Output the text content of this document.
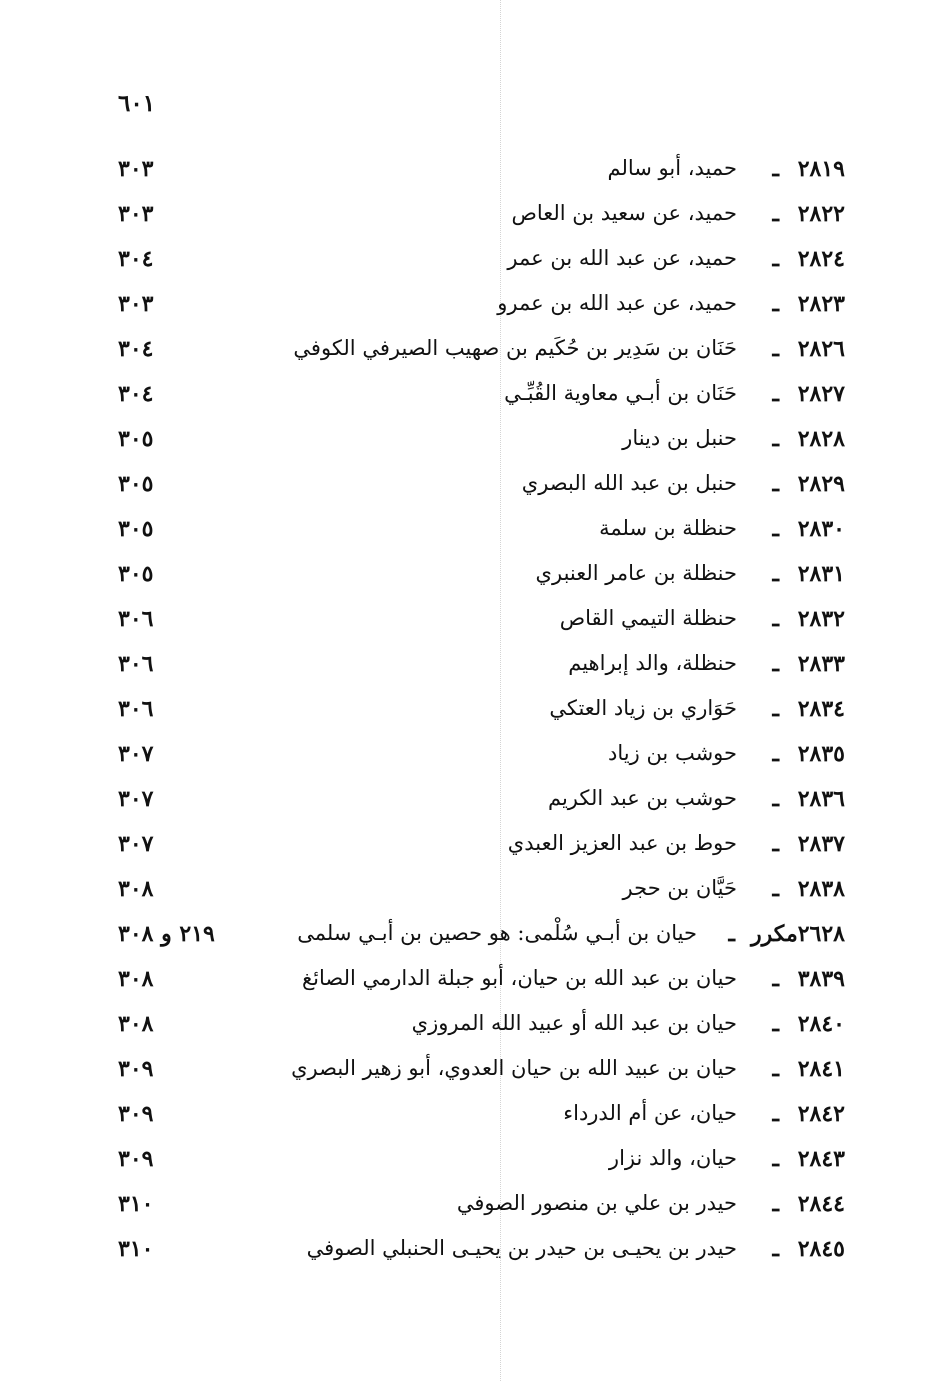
٦٠١
٢٨١٩
ـ
حميد، أبو سالم
٣٠٣
٢٨٢٢
ـ
حميد، عن سعيد بن العاص
٣٠٣
٢٨٢٤
ـ
حميد، عن عبد الله بن عمر
٣٠٤
٢٨٢٣
ـ
حميد، عن عبد الله بن عمرو
٣٠٣
٢٨٢٦
ـ
حَنَان بن سَدِير بن حُكَيم بن صهيب الصيرفي الكوفي
٣٠٤
٢٨٢٧
ـ
حَنَان بن أبـي معاوية القُبِّـي
٣٠٤
٢٨٢٨
ـ
حنبل بن دينار
٣٠٥
٢٨٢٩
ـ
حنبل بن عبد الله البصري
٣٠٥
٢٨٣٠
ـ
حنظلة بن سلمة
٣٠٥
٢٨٣١
ـ
حنظلة بن عامر العنبري
٣٠٥
٢٨٣٢
ـ
حنظلة التيمي القاص
٣٠٦
٢٨٣٣
ـ
حنظلة، والد إبراهيم
٣٠٦
٢٨٣٤
ـ
حَوَاري بن زياد العتكي
٣٠٦
٢٨٣٥
ـ
حوشب بن زياد
٣٠٧
٢٨٣٦
ـ
حوشب بن عبد الكريم
٣٠٧
٢٨٣٧
ـ
حوط بن عبد العزيز العبدي
٣٠٧
٢٨٣٨
ـ
حَيَّان بن حجر
٣٠٨
٢٦٢٨مكرر
ـ
حيان بن أبـي سُلْمى: هو حصين بن أبـي سلمى
٢١٩ و ٣٠٨
٣٨٣٩
ـ
حيان بن عبد الله بن حيان، أبو جبلة الدارمي الصائغ
٣٠٨
٢٨٤٠
ـ
حيان بن عبد الله أو عبيد الله المروزي
٣٠٨
٢٨٤١
ـ
حيان بن عبيد الله بن حيان العدوي، أبو زهير البصري
٣٠٩
٢٨٤٢
ـ
حيان، عن أم الدرداء
٣٠٩
٢٨٤٣
ـ
حيان، والد نزار
٣٠٩
٢٨٤٤
ـ
حيدر بن علي بن منصور الصوفي
٣١٠
٢٨٤٥
ـ
حيدر بن يحيـى بن حيدر بن يحيـى الحنبلي الصوفي
٣١٠
